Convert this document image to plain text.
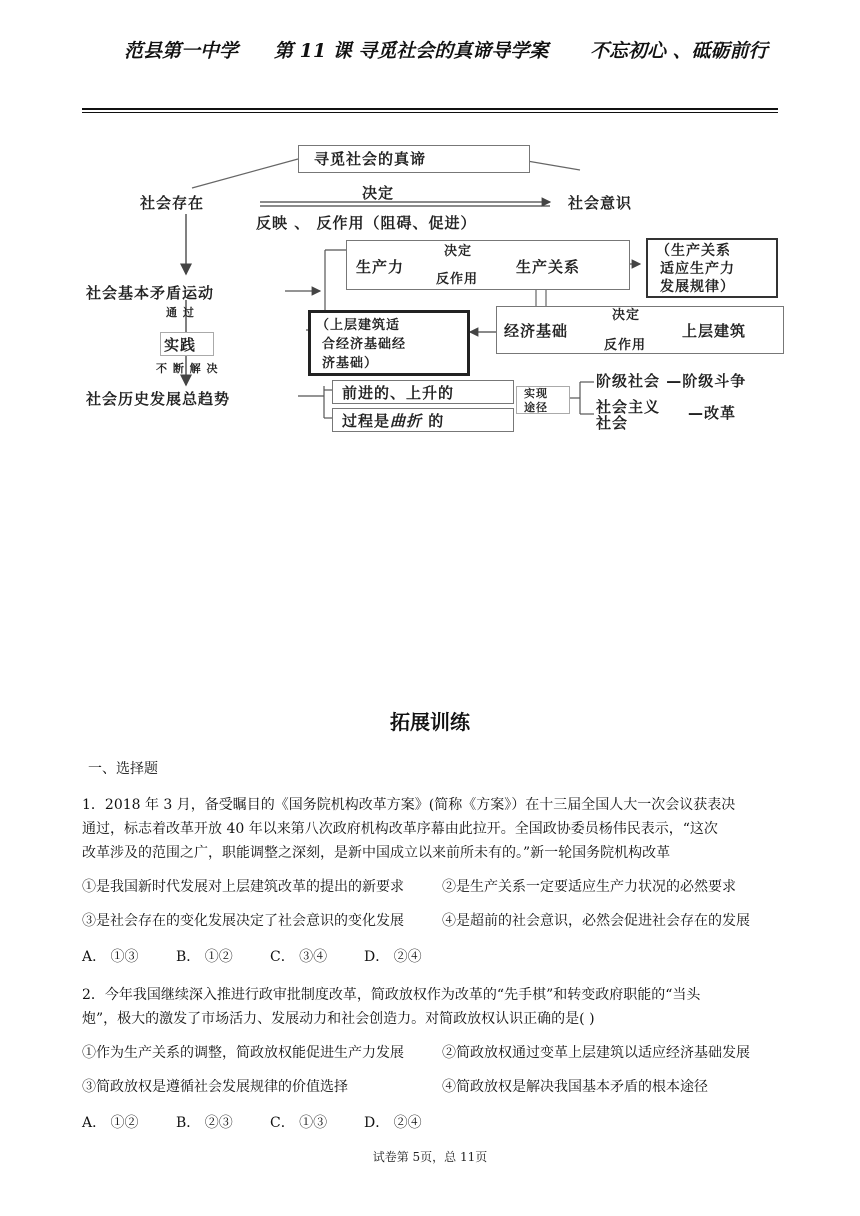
范县第一中学 第 11 课 寻觅社会的真谛导学案 不忘初心 、砥砺前行
寻觅社会的真谛
社会存在
决定
社会意识
反映 、 反作用（阻碍、促进）
生产力
决定
反作用
生产关系
（生产关系
适应生产力
发展规律）
社会基本矛盾运动
通 过
实践
不 断 解 决
（上层建筑适
合经济基础经
济基础）
经济基础
决定
反作用
上层建筑
社会历史发展总趋势	前进的、上升的
过程是曲折 的
实现
途径
阶级社会 —阶级斗争
社会主义
社会
—改革
拓展训练
一、选择题
1．2018 年 3 月，备受瞩目的《国务院机构改革方案》(简称《方案》）在十三届全国人大一次会议获表决
通过，标志着改革开放 40 年以来第八次政府机构改革序幕由此拉开。全国政协委员杨伟民表示，“这次
改革涉及的范围之广，职能调整之深刻，是新中国成立以来前所未有的。”新一轮国务院机构改革
①是我国新时代发展对上层建筑改革的提出的新要求	②是生产关系一定要适应生产力状况的必然要求
③是社会存在的变化发展决定了社会意识的变化发展	④是超前的社会意识，必然会促进社会存在的发展
A． ①③	B． ①②	C． ③④	D． ②④
2．今年我国继续深入推进行政审批制度改革，简政放权作为改革的“先手棋”和转变政府职能的“当头
炮”，极大的激发了市场活力、发展动力和社会创造力。对简政放权认识正确的是( )
①作为生产关系的调整，简政放权能促进生产力发展	②简政放权通过变革上层建筑以适应经济基础发展
③简政放权是遵循社会发展规律的价值选择	④简政放权是解决我国基本矛盾的根本途径
A． ①②	B． ②③	C． ①③	D． ②④
试卷第 5页，总 11页
